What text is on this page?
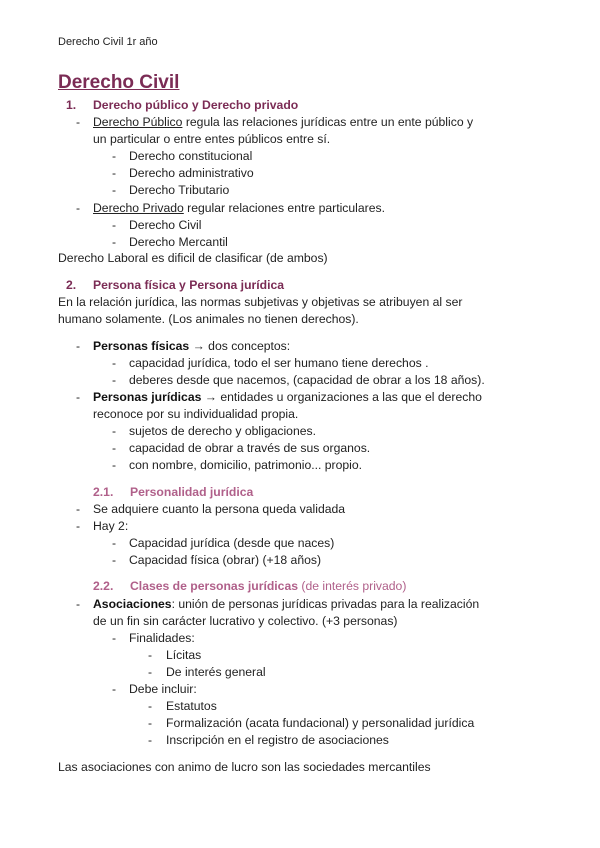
Derecho Civil 1r año
Derecho Civil
1. Derecho público y Derecho privado
- Derecho Público regula las relaciones jurídicas entre un ente público y
un particular o entre entes públicos entre sí.
- Derecho constitucional
- Derecho administrativo
- Derecho Tributario
- Derecho Privado regular relaciones entre particulares.
- Derecho Civil
- Derecho Mercantil
Derecho Laboral es dificil de clasificar (de ambos)
2. Persona física y Persona jurídica
En la relación jurídica, las normas subjetivas y objetivas se atribuyen al ser
humano solamente. (Los animales no tienen derechos).
- Personas físicas → dos conceptos:
- capacidad jurídica, todo el ser humano tiene derechos .
- deberes desde que nacemos, (capacidad de obrar a los 18 años).
- Personas jurídicas → entidades u organizaciones a las que el derecho
reconoce por su individualidad propia.
- sujetos de derecho y obligaciones.
- capacidad de obrar a través de sus organos.
- con nombre, domicilio, patrimonio... propio.
2.1. Personalidad jurídica
- Se adquiere cuanto la persona queda validada
- Hay 2:
- Capacidad jurídica (desde que naces)
- Capacidad física (obrar) (+18 años)
2.2. Clases de personas jurídicas (de interés privado)
- Asociaciones: unión de personas jurídicas privadas para la realización
de un fin sin carácter lucrativo y colectivo. (+3 personas)
- Finalidades:
- Lícitas
- De interés general
- Debe incluir:
- Estatutos
- Formalización (acata fundacional) y personalidad jurídica
- Inscripción en el registro de asociaciones
Las asociaciones con animo de lucro son las sociedades mercantiles
